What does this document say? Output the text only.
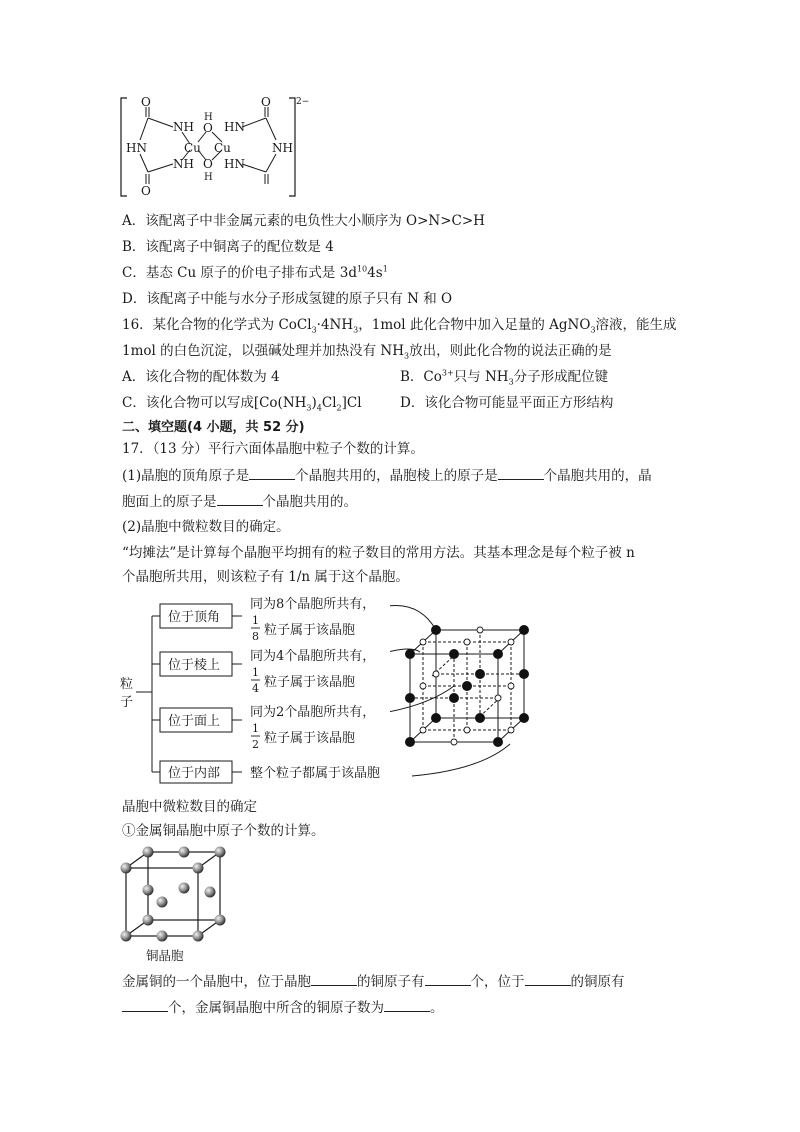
O
NH
HN
NH
O
H
O
Cu Cu
O
H
HN
NH
HN
O	2−
A．该配离子中非金属元素的电负性大小顺序为 O>N>C>H
B．该配离子中铜离子的配位数是 4
C．基态 Cu 原子的价电子排布式是 $3d^{10}4s^1$
D．该配离子中能与水分子形成氢键的原子只有 N 和 O
16．某化合物的化学式为 $CoCl_3\cdot 4NH_3$，1mol 此化合物中加入足量的 AgNO$_3$溶液，能生成
1mol 的白色沉淀，以强碱处理并加热没有 $NH_3$放出，则此化合物的说法正确的是
A．该化合物的配体数为 4	B．$Co^{3+}$只与 $NH_3$分子形成配位键
C．该化合物可以写成$[Co(NH_3)_4Cl_2]Cl$	D．该化合物可能显平面正方形结构
二、填空题(4 小题，共 52 分)
17．（13 分）平行六面体晶胞中粒子个数的计算。
(1)晶胞的顶角原子是	个晶胞共用的，晶胞棱上的原子是	个晶胞共用的，晶
胞面上的原子是	个晶胞共用的。
(2)晶胞中微粒数目的确定。
“均摊法”是计算每个晶胞平均拥有的粒子数目的常用方法。其基本理念是每个粒子被 n
个晶胞所共用，则该粒子有 1/n 属于这个晶胞。
粒
子
位于顶角
位于棱上
位于面上
位于内部
同为8个晶胞所共有，
1
8 粒子属于该晶胞
同为4个晶胞所共有，
1
4 粒子属于该晶胞
同为2个晶胞所共有，
1
2 粒子属于该晶胞
整个粒子都属于该晶胞
晶胞中微粒数目的确定
①金属铜晶胞中原子个数的计算。
铜晶胞
金属铜的一个晶胞中，位于晶胞	的铜原子有	个，位于	的铜原有
个，金属铜晶胞中所含的铜原子数为	。
